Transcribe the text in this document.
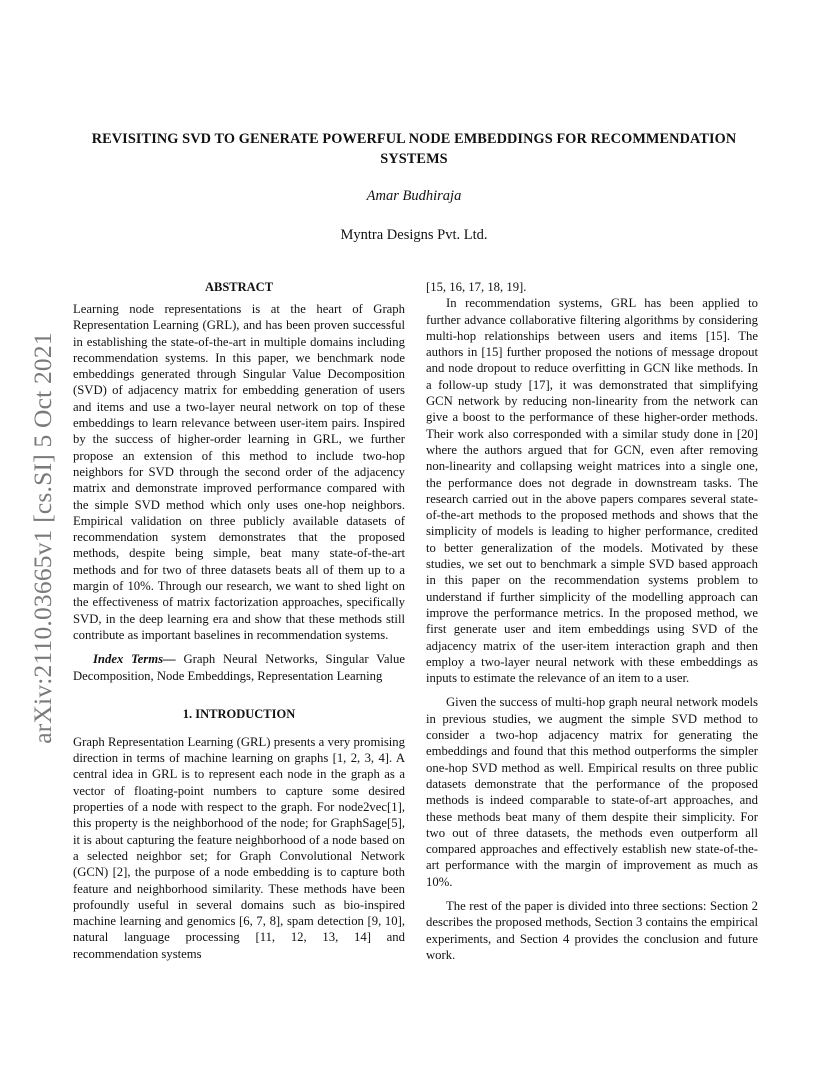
arXiv:2110.03665v1 [cs.SI] 5 Oct 2021
REVISITING SVD TO GENERATE POWERFUL NODE EMBEDDINGS FOR RECOMMENDATION SYSTEMS
Amar Budhiraja
Myntra Designs Pvt. Ltd.

ABSTRACT

Learning node representations is at the heart of Graph Representation Learning (GRL), and has been proven successful in establishing the state-of-the-art in multiple domains including recommendation systems. In this paper, we benchmark node embeddings generated through Singular Value Decomposition (SVD) of adjacency matrix for embedding generation of users and items and use a two-layer neural network on top of these embeddings to learn relevance between user-item pairs. Inspired by the success of higher-order learning in GRL, we further propose an extension of this method to include two-hop neighbors for SVD through the second order of the adjacency matrix and demonstrate improved performance compared with the simple SVD method which only uses one-hop neighbors. Empirical validation on three publicly available datasets of recommendation system demonstrates that the proposed methods, despite being simple, beat many state-of-the-art methods and for two of three datasets beats all of them up to a margin of 10%. Through our research, we want to shed light on the effectiveness of matrix factorization approaches, specifically SVD, in the deep learning era and show that these methods still contribute as important baselines in recommendation systems.

Index Terms— Graph Neural Networks, Singular Value Decomposition, Node Embeddings, Representation Learning

1. INTRODUCTION

Graph Representation Learning (GRL) presents a very promising direction in terms of machine learning on graphs [1, 2, 3, 4]. A central idea in GRL is to represent each node in the graph as a vector of floating-point numbers to capture some desired properties of a node with respect to the graph. For node2vec[1], this property is the neighborhood of the node; for GraphSage[5], it is about capturing the feature neighborhood of a node based on a selected neighbor set; for Graph Convolutional Network (GCN) [2], the purpose of a node embedding is to capture both feature and neighborhood similarity. These methods have been profoundly useful in several domains such as bio-inspired machine learning and genomics [6, 7, 8], spam detection [9, 10], natural language processing [11, 12, 13, 14] and recommendation systems

[15, 16, 17, 18, 19].

In recommendation systems, GRL has been applied to further advance collaborative filtering algorithms by considering multi-hop relationships between users and items [15]. The authors in [15] further proposed the notions of message dropout and node dropout to reduce overfitting in GCN like methods. In a follow-up study [17], it was demonstrated that simplifying GCN network by reducing non-linearity from the network can give a boost to the performance of these higher-order methods. Their work also corresponded with a similar study done in [20] where the authors argued that for GCN, even after removing non-linearity and collapsing weight matrices into a single one, the performance does not degrade in downstream tasks. The research carried out in the above papers compares several state-of-the-art methods to the proposed methods and shows that the simplicity of models is leading to higher performance, credited to better generalization of the models. Motivated by these studies, we set out to benchmark a simple SVD based approach in this paper on the recommendation systems problem to understand if further simplicity of the modelling approach can improve the performance metrics. In the proposed method, we first generate user and item embeddings using SVD of the adjacency matrix of the user-item interaction graph and then employ a two-layer neural network with these embeddings as inputs to estimate the relevance of an item to a user.

Given the success of multi-hop graph neural network models in previous studies, we augment the simple SVD method to consider a two-hop adjacency matrix for generating the embeddings and found that this method outperforms the simpler one-hop SVD method as well. Empirical results on three public datasets demonstrate that the performance of the proposed methods is indeed comparable to state-of-art approaches, and these methods beat many of them despite their simplicity. For two out of three datasets, the methods even outperform all compared approaches and effectively establish new state-of-the-art performance with the margin of improvement as much as 10%.

The rest of the paper is divided into three sections: Section 2 describes the proposed methods, Section 3 contains the empirical experiments, and Section 4 provides the conclusion and future work.
